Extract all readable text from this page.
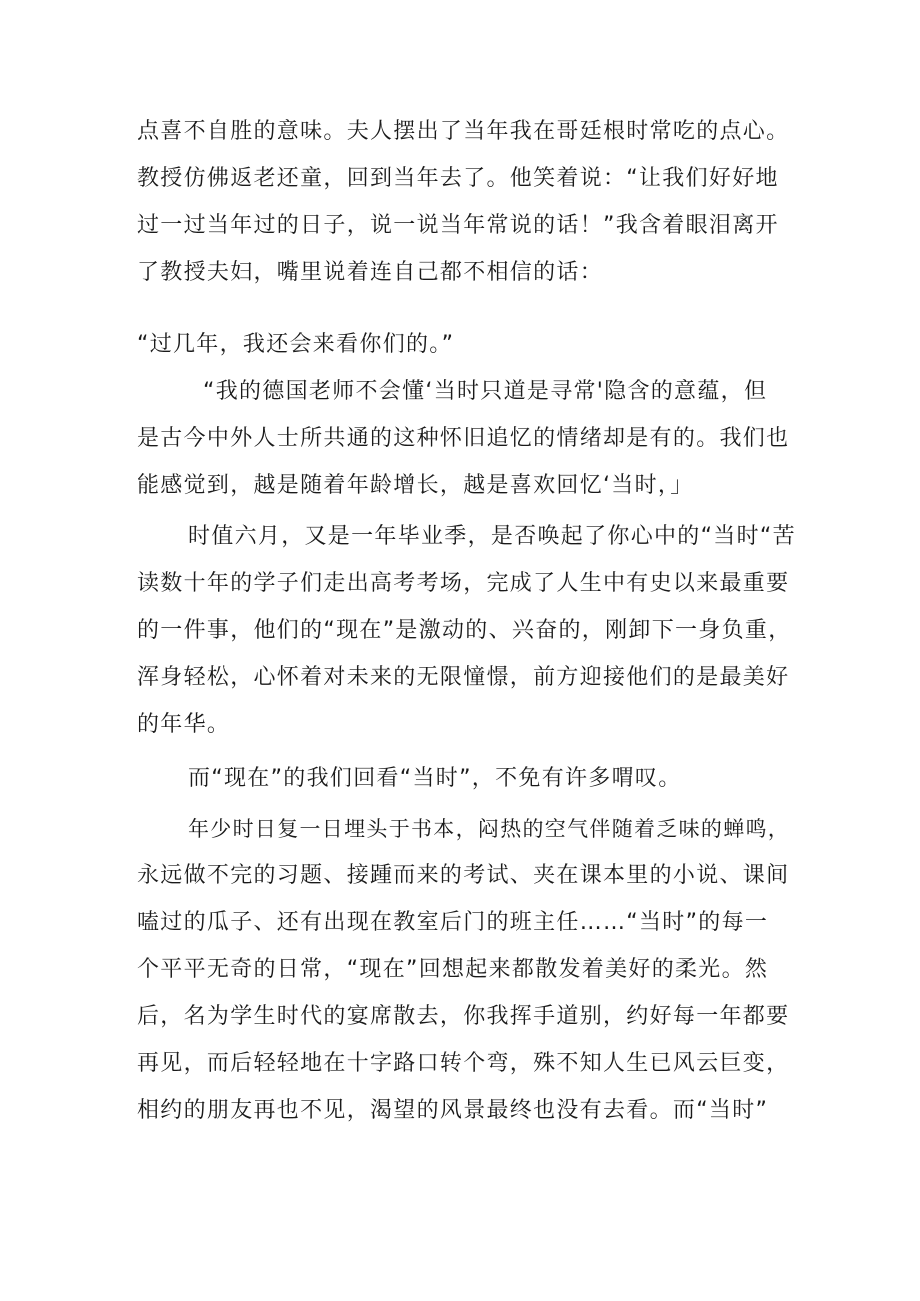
点喜不自胜的意味。夫人摆出了当年我在哥廷根时常吃的点心。
教授仿佛返老还童，回到当年去了。他笑着说：“让我们好好地
过一过当年过的日子，说一说当年常说的话！”我含着眼泪离开
了教授夫妇，嘴里说着连自己都不相信的话：
“过几年，我还会来看你们的。”
“我的德国老师不会懂‘当时只道是寻常'隐含的意蕴，但
是古今中外人士所共通的这种怀旧追忆的情绪却是有的。我们也
能感觉到，越是随着年龄增长，越是喜欢回忆‘当时，」
时值六月，又是一年毕业季，是否唤起了你心中的“当时“苦
读数十年的学子们走出高考考场，完成了人生中有史以来最重要
的一件事，他们的“现在”是激动的、兴奋的，刚卸下一身负重，
浑身轻松，心怀着对未来的无限憧憬，前方迎接他们的是最美好
的年华。
而“现在”的我们回看“当时”，不免有许多喟叹。
年少时日复一日埋头于书本，闷热的空气伴随着乏味的蝉鸣，
永远做不完的习题、接踵而来的考试、夹在课本里的小说、课间
嗑过的瓜子、还有出现在教室后门的班主任……“当时”的每一
个平平无奇的日常，“现在”回想起来都散发着美好的柔光。然
后，名为学生时代的宴席散去，你我挥手道别，约好每一年都要
再见，而后轻轻地在十字路口转个弯，殊不知人生已风云巨变，
相约的朋友再也不见，渴望的风景最终也没有去看。而“当时”
